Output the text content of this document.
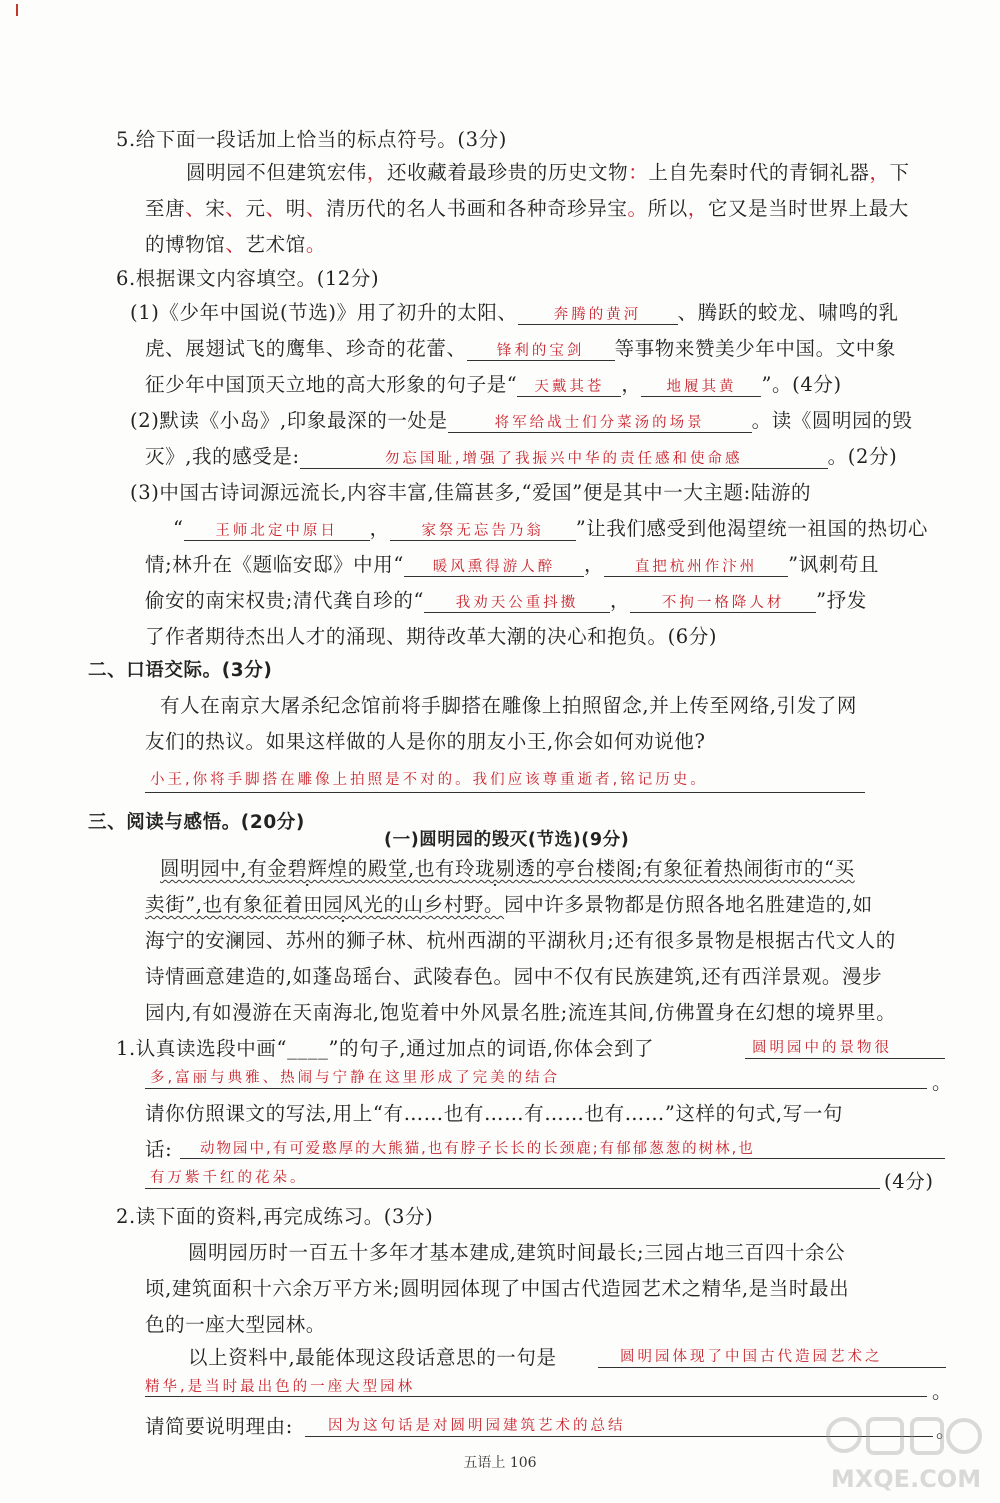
5.给下面一段话加上恰当的标点符号。(3分)
圆明园不但建筑宏伟，还收藏着最珍贵的历史文物：上自先秦时代的青铜礼器，下
至唐、宋、元、明、清历代的名人书画和各种奇珍异宝。所以，它又是当时世界上最大
的博物馆、艺术馆。
6.根据课文内容填空。(12分)
(1)《少年中国说(节选)》用了初升的太阳、	奔腾的黄河 、腾跃的蛟龙、啸鸣的乳
虎、展翅试飞的鹰隼、珍奇的花蕾、 锋利的宝剑 等事物来赞美少年中国。文中象
征少年中国顶天立地的高大形象的句子是“ 天戴其苍 ， 地履其黄 ”。(4分)
(2)默读《小岛》,印象最深的一处是	将军给战士们分菜汤的场景 。读《圆明园的毁
灭》,我的感受是:	勿忘国耻,增强了我振兴中华的责任感和使命感	。(2分)
(3)中国古诗词源远流长,内容丰富,佳篇甚多,“爱国”便是其中一大主题:陆游的
“ 王师北定中原日 ， 家祭无忘告乃翁 ”让我们感受到他渴望统一祖国的热切心
情;林升在《题临安邸》中用“ 暖风熏得游人醉 ， 直把杭州作汴州 ”讽刺苟且
偷安的南宋权贵;清代龚自珍的“ 我劝天公重抖擞 ， 不拘一格降人材 ”抒发
了作者期待杰出人才的涌现、期待改革大潮的决心和抱负。(6分)
二、口语交际。(3分)
有人在南京大屠杀纪念馆前将手脚搭在雕像上拍照留念,并上传至网络,引发了网
友们的热议。如果这样做的人是你的朋友小王,你会如何劝说他?
小王,你将手脚搭在雕像上拍照是不对的。我们应该尊重逝者,铭记历史。
三、阅读与感悟。(20分)
(一)圆明园的毁灭(节选)(9分)
圆明园中,有金碧辉煌的殿堂,也有玲珑剔透的亭台楼阁;有象征着热闹街市的“买
卖街”,也有象征着田园风光的山乡村野。园中许多景物都是仿照各地名胜建造的,如
海宁的安澜园、苏州的狮子林、杭州西湖的平湖秋月;还有很多景物是根据古代文人的
诗情画意建造的,如蓬岛瑶台、武陵春色。园中不仅有民族建筑,还有西洋景观。漫步
园内,有如漫游在天南海北,饱览着中外风景名胜;流连其间,仿佛置身在幻想的境界里。
1.认真读选段中画“____”的句子,通过加点的词语,你体会到了	圆明园中的景物很
多,富丽与典雅、热闹与宁静在这里形成了完美的结合	。
请你仿照课文的写法,用上“有……也有……有……也有……”这样的句式,写一句
话: 动物园中,有可爱憨厚的大熊猫,也有脖子长长的长颈鹿;有郁郁葱葱的树林,也
有万紫千红的花朵。	(4分)
2.读下面的资料,再完成练习。(3分)
圆明园历时一百五十多年才基本建成,建筑时间最长;三园占地三百四十余公
顷,建筑面积十六余万平方米;圆明园体现了中国古代造园艺术之精华,是当时最出
色的一座大型园林。
以上资料中,最能体现这段话意思的一句是	圆明园体现了中国古代造园艺术之
精华,是当时最出色的一座大型园林	。
请简要说明理由: 因为这句话是对圆明园建筑艺术的总结	。
五语上 106
MXQE.COM
